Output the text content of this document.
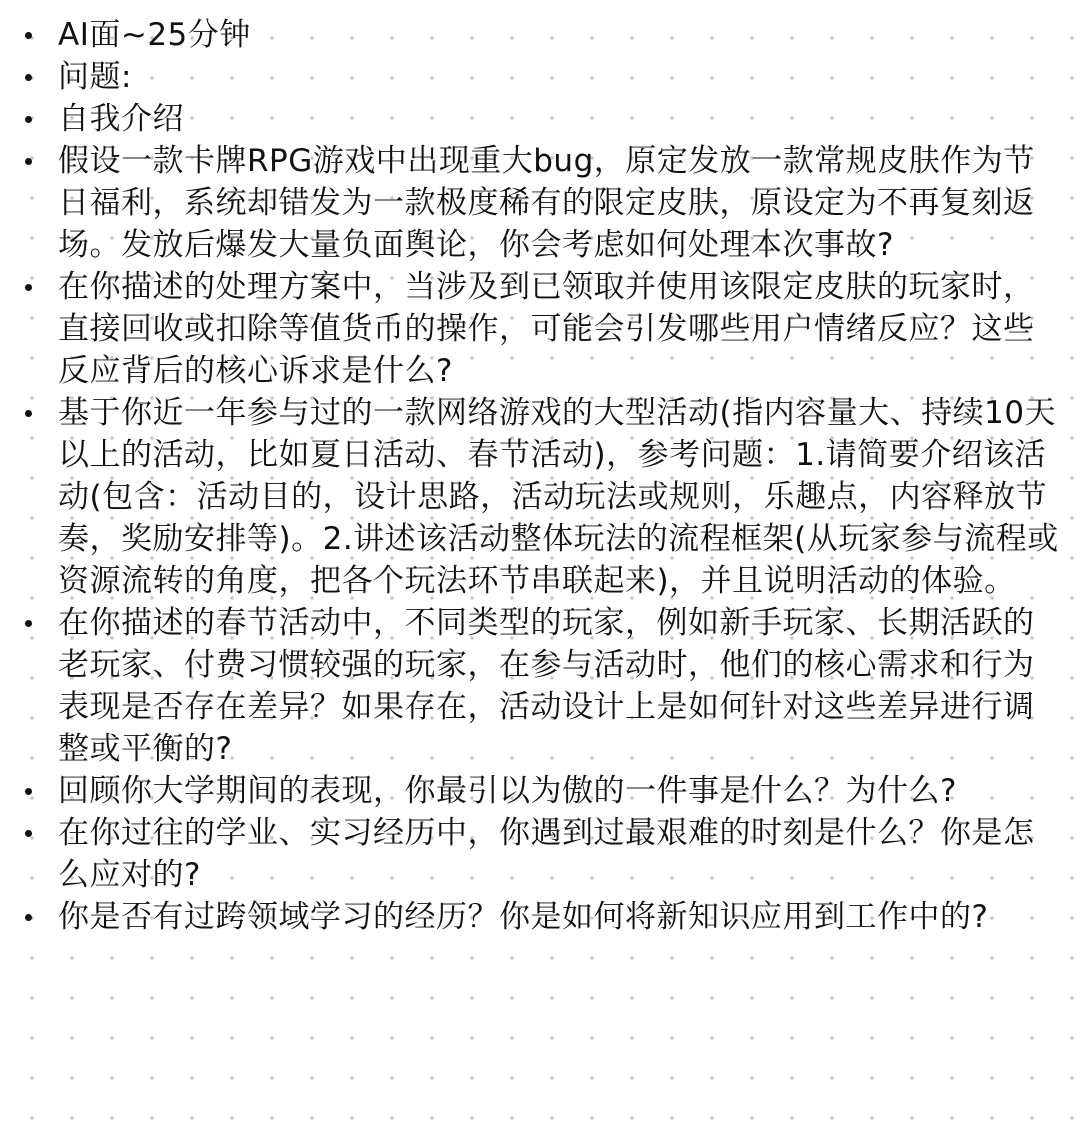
AI面~25分钟
问题:
自我介绍
假设一款卡牌RPG游戏中出现重大bug，原定发放一款常规皮肤作为节日福利，系统却错发为一款极度稀有的限定皮肤，原设定为不再复刻返场。发放后爆发大量负面舆论，你会考虑如何处理本次事故?
在你描述的处理方案中，当涉及到已领取并使用该限定皮肤的玩家时，直接回收或扣除等值货币的操作，可能会引发哪些用户情绪反应？这些反应背后的核心诉求是什么?
基于你近一年参与过的一款网络游戏的大型活动(指内容量大、持续10天以上的活动，比如夏日活动、春节活动)，参考问题：1.请简要介绍该活动(包含：活动目的，设计思路，活动玩法或规则，乐趣点，内容释放节奏，奖励安排等)。2.讲述该活动整体玩法的流程框架(从玩家参与流程或资源流转的角度，把各个玩法环节串联起来)，并且说明活动的体验。
在你描述的春节活动中，不同类型的玩家，例如新手玩家、长期活跃的老玩家、付费习惯较强的玩家，在参与活动时，他们的核心需求和行为表现是否存在差异？如果存在，活动设计上是如何针对这些差异进行调整或平衡的?
回顾你大学期间的表现，你最引以为傲的一件事是什么？为什么?
在你过往的学业、实习经历中，你遇到过最艰难的时刻是什么？你是怎么应对的?
你是否有过跨领域学习的经历？你是如何将新知识应用到工作中的?
